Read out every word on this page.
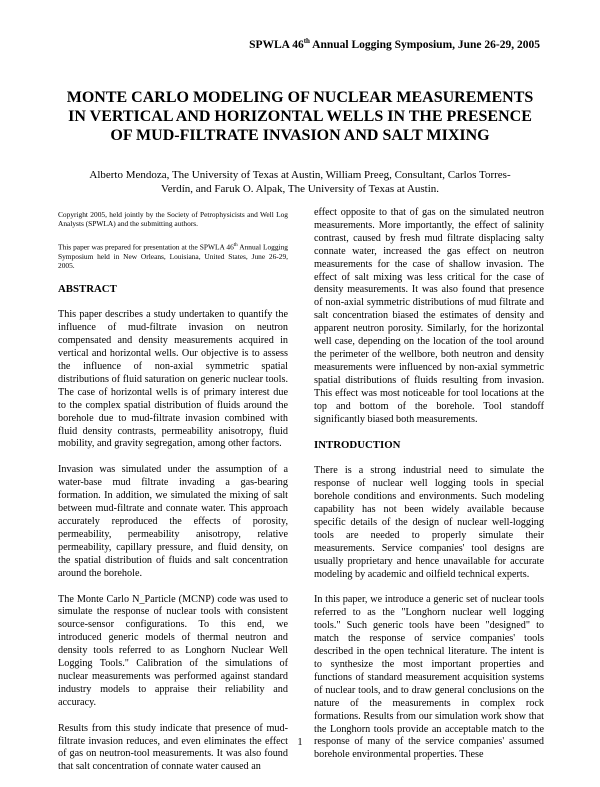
SPWLA 46th Annual Logging Symposium, June 26-29, 2005
MONTE CARLO MODELING OF NUCLEAR MEASUREMENTS IN VERTICAL AND HORIZONTAL WELLS IN THE PRESENCE OF MUD-FILTRATE INVASION AND SALT MIXING
Alberto Mendoza, The University of Texas at Austin, William Preeg, Consultant, Carlos Torres-Verdín, and Faruk O. Alpak, The University of Texas at Austin.

Copyright 2005, held jointly by the Society of Petrophysicists and Well Log Analysts (SPWLA) and the submitting authors.

This paper was prepared for presentation at the SPWLA 46th Annual Logging Symposium held in New Orleans, Louisiana, United States, June 26-29, 2005.

ABSTRACT

This paper describes a study undertaken to quantify the influence of mud-filtrate invasion on neutron compensated and density measurements acquired in vertical and horizontal wells. Our objective is to assess the influence of non-axial symmetric spatial distributions of fluid saturation on generic nuclear tools. The case of horizontal wells is of primary interest due to the complex spatial distribution of fluids around the borehole due to mud-filtrate invasion combined with fluid density contrasts, permeability anisotropy, fluid mobility, and gravity segregation, among other factors.

Invasion was simulated under the assumption of a water-base mud filtrate invading a gas-bearing formation. In addition, we simulated the mixing of salt between mud-filtrate and connate water. This approach accurately reproduced the effects of porosity, permeability, permeability anisotropy, relative permeability, capillary pressure, and fluid density, on the spatial distribution of fluids and salt concentration around the borehole.

The Monte Carlo N_Particle (MCNP) code was used to simulate the response of nuclear tools with consistent source-sensor configurations. To this end, we introduced generic models of thermal neutron and density tools referred to as Longhorn Nuclear Well Logging Tools." Calibration of the simulations of nuclear measurements was performed against standard industry models to appraise their reliability and accuracy.

Results from this study indicate that presence of mud-filtrate invasion reduces, and even eliminates the effect of gas on neutron-tool measurements. It was also found that salt concentration of connate water caused an

effect opposite to that of gas on the simulated neutron measurements. More importantly, the effect of salinity contrast, caused by fresh mud filtrate displacing salty connate water, increased the gas effect on neutron measurements for the case of shallow invasion. The effect of salt mixing was less critical for the case of density measurements. It was also found that presence of non-axial symmetric distributions of mud filtrate and salt concentration biased the estimates of density and apparent neutron porosity. Similarly, for the horizontal well case, depending on the location of the tool around the perimeter of the wellbore, both neutron and density measurements were influenced by non-axial symmetric spatial distributions of fluids resulting from invasion. This effect was most noticeable for tool locations at the top and bottom of the borehole. Tool standoff significantly biased both measurements.

INTRODUCTION

There is a strong industrial need to simulate the response of nuclear well logging tools in special borehole conditions and environments. Such modeling capability has not been widely available because specific details of the design of nuclear well-logging tools are needed to properly simulate their measurements. Service companies' tool designs are usually proprietary and hence unavailable for accurate modeling by academic and oilfield technical experts.

In this paper, we introduce a generic set of nuclear tools referred to as the "Longhorn nuclear well logging tools." Such generic tools have been "designed" to match the response of service companies' tools described in the open technical literature. The intent is to synthesize the most important properties and functions of standard measurement acquisition systems of nuclear tools, and to draw general conclusions on the nature of the measurements in complex rock formations. Results from our simulation work show that the Longhorn tools provide an acceptable match to the response of many of the service companies' assumed borehole environmental properties. These

1
